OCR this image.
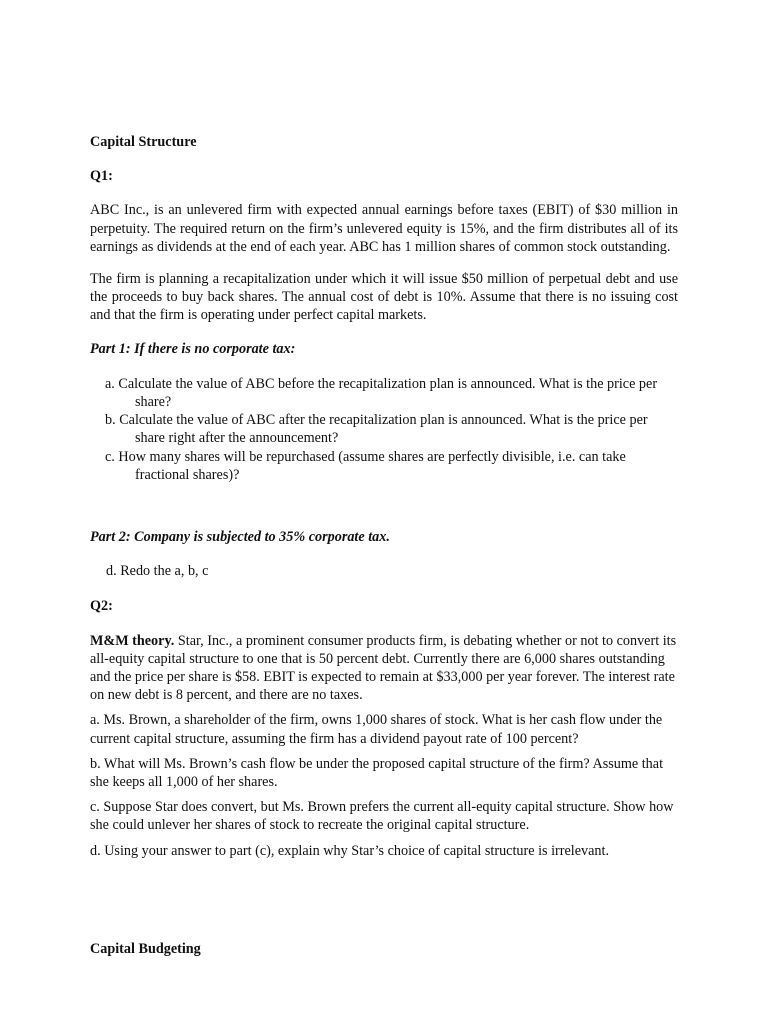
Capital Structure

Q1:

ABC Inc., is an unlevered firm with expected annual earnings before taxes (EBIT) of $30 million in perpetuity. The required return on the firm’s unlevered equity is 15%, and the firm distributes all of its earnings as dividends at the end of each year. ABC has 1 million shares of common stock outstanding.

The firm is planning a recapitalization under which it will issue $50 million of perpetual debt and use the proceeds to buy back shares. The annual cost of debt is 10%. Assume that there is no issuing cost and that the firm is operating under perfect capital markets.

Part 1: If there is no corporate tax:

a. Calculate the value of ABC before the recapitalization plan is announced. What is the price per share?
b. Calculate the value of ABC after the recapitalization plan is announced. What is the price per share right after the announcement?
c. How many shares will be repurchased (assume shares are perfectly divisible, i.e. can take fractional shares)?

Part 2: Company is subjected to 35% corporate tax.

d. Redo the a, b, c

Q2:

M&M theory. Star, Inc., a prominent consumer products firm, is debating whether or not to convert its all-equity capital structure to one that is 50 percent debt. Currently there are 6,000 shares outstanding and the price per share is $58. EBIT is expected to remain at $33,000 per year forever. The interest rate on new debt is 8 percent, and there are no taxes.

a. Ms. Brown, a shareholder of the firm, owns 1,000 shares of stock. What is her cash flow under the current capital structure, assuming the firm has a dividend payout rate of 100 percent?

b. What will Ms. Brown’s cash flow be under the proposed capital structure of the firm? Assume that she keeps all 1,000 of her shares.

c. Suppose Star does convert, but Ms. Brown prefers the current all-equity capital structure. Show how she could unlever her shares of stock to recreate the original capital structure.

d. Using your answer to part (c), explain why Star’s choice of capital structure is irrelevant.

Capital Budgeting
